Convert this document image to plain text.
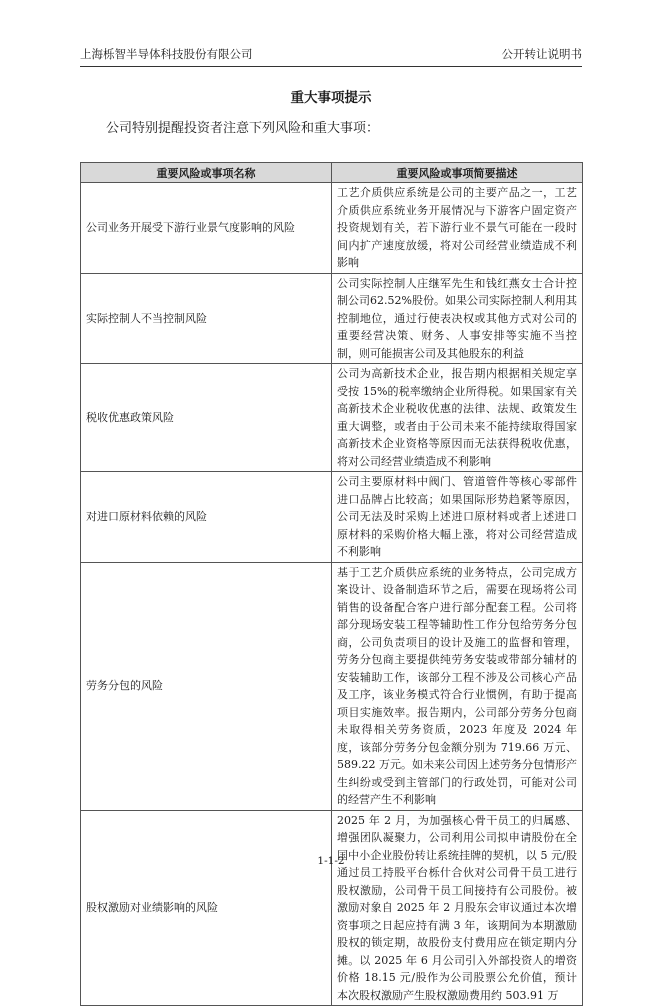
上海栎智半导体科技股份有限公司	公开转让说明书
重大事项提示
公司特别提醒投资者注意下列风险和重大事项：
重要风险或事项名称	重要风险或事项简要描述
公司业务开展受下游行业景气度影响的风险	工艺介质供应系统是公司的主要产品之一，工艺介质供应系统业务开展情况与下游客户固定资产投资规划有关，若下游行业不景气可能在一段时间内扩产速度放缓，将对公司经营业绩造成不利影响
实际控制人不当控制风险	公司实际控制人庄继军先生和钱红燕女士合计控制公司62.52%股份。如果公司实际控制人利用其控制地位，通过行使表决权或其他方式对公司的重要经营决策、财务、人事安排等实施不当控制，则可能损害公司及其他股东的利益
税收优惠政策风险	公司为高新技术企业，报告期内根据相关规定享受按 15%的税率缴纳企业所得税。如果国家有关高新技术企业税收优惠的法律、法规、政策发生重大调整，或者由于公司未来不能持续取得国家高新技术企业资格等原因而无法获得税收优惠，将对公司经营业绩造成不利影响
对进口原材料依赖的风险	公司主要原材料中阀门、管道管件等核心零部件进口品牌占比较高；如果国际形势趋紧等原因，公司无法及时采购上述进口原材料或者上述进口原材料的采购价格大幅上涨，将对公司经营造成不利影响
劳务分包的风险	基于工艺介质供应系统的业务特点，公司完成方案设计、设备制造环节之后，需要在现场将公司销售的设备配合客户进行部分配套工程。公司将部分现场安装工程等辅助性工作分包给劳务分包商，公司负责项目的设计及施工的监督和管理，劳务分包商主要提供纯劳务安装或带部分辅材的安装辅助工作，该部分工程不涉及公司核心产品及工序，该业务模式符合行业惯例，有助于提高项目实施效率。报告期内，公司部分劳务分包商未取得相关劳务资质，2023 年度及 2024 年度，该部分劳务分包金额分别为 719.66 万元、589.22 万元。如未来公司因上述劳务分包情形产生纠纷或受到主管部门的行政处罚，可能对公司的经营产生不利影响
股权激励对业绩影响的风险	2025 年 2 月，为加强核心骨干员工的归属感、增强团队凝聚力，公司利用公司拟申请股份在全国中小企业股份转让系统挂牌的契机，以 5 元/股通过员工持股平台栎什合伙对公司骨干员工进行股权激励，公司骨干员工间接持有公司股份。被激励对象自 2025 年 2 月股东会审议通过本次增资事项之日起应持有满 3 年，该期间为本期激励股权的锁定期，故股份支付费用应在锁定期内分摊。以 2025 年 6 月公司引入外部投资人的增资价格 18.15 元/股作为公司股票公允价值，预计本次股权激励产生股权激励费用约 503.91 万
1-1-2
